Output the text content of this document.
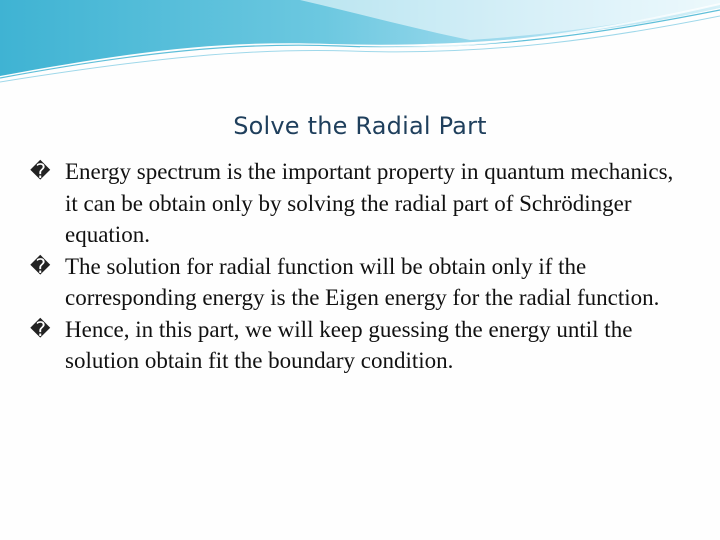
Solve the Radial Part
� Energy spectrum is the important property in quantum mechanics, it can be obtain only by solving the radial part of Schrödinger equation.
� The solution for radial function will be obtain only if the corresponding energy is the Eigen energy for the radial function.
� Hence, in this part, we will keep guessing the energy until the solution obtain fit the boundary condition.
